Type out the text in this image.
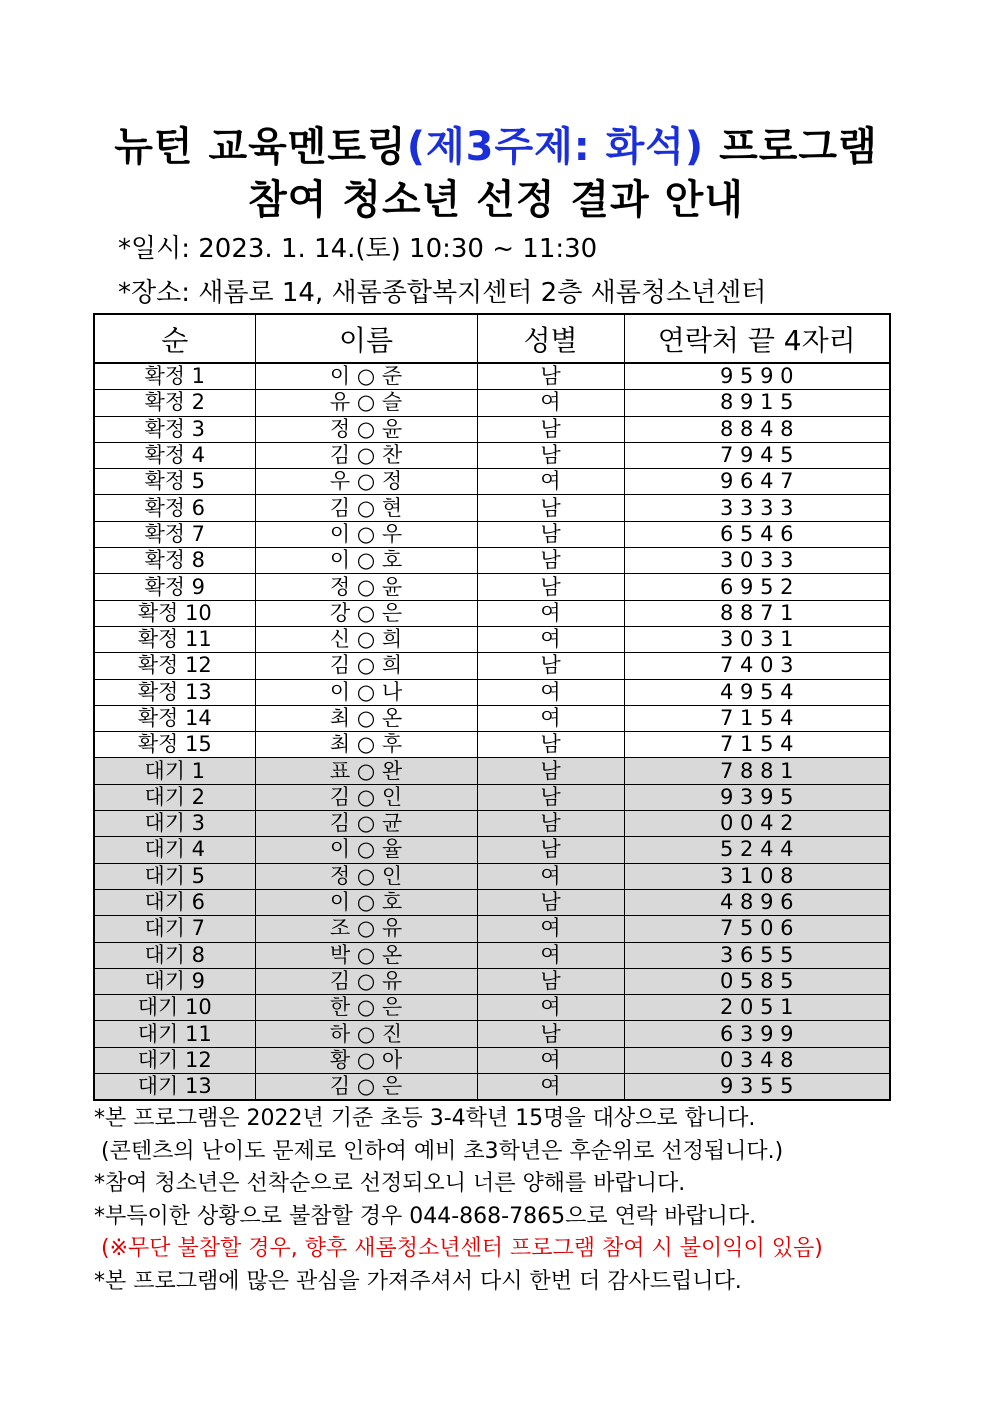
뉴턴 교육멘토링(제3주제: 화석) 프로그램
참여 청소년 선정 결과 안내
*일시: 2023. 1. 14.(토) 10:30 ~ 11:30
*장소: 새롬로 14, 새롬종합복지센터 2층 새롬청소년센터
순	이름	성별	연락처 끝 4자리
확정 1	이 ○ 준	남	9 5 9 0
확정 2	유 ○ 슬	여	8 9 1 5
확정 3	정 ○ 윤	남	8 8 4 8
확정 4	김 ○ 찬	남	7 9 4 5
확정 5	우 ○ 정	여	9 6 4 7
확정 6	김 ○ 현	남	3 3 3 3
확정 7	이 ○ 우	남	6 5 4 6
확정 8	이 ○ 호	남	3 0 3 3
확정 9	정 ○ 윤	남	6 9 5 2
확정 10	강 ○ 은	여	8 8 7 1
확정 11	신 ○ 희	여	3 0 3 1
확정 12	김 ○ 희	남	7 4 0 3
확정 13	이 ○ 나	여	4 9 5 4
확정 14	최 ○ 온	여	7 1 5 4
확정 15	최 ○ 후	남	7 1 5 4
대기 1	표 ○ 완	남	7 8 8 1
대기 2	김 ○ 인	남	9 3 9 5
대기 3	김 ○ 균	남	0 0 4 2
대기 4	이 ○ 율	남	5 2 4 4
대기 5	정 ○ 인	여	3 1 0 8
대기 6	이 ○ 호	남	4 8 9 6
대기 7	조 ○ 유	여	7 5 0 6
대기 8	박 ○ 온	여	3 6 5 5
대기 9	김 ○ 유	남	0 5 8 5
대기 10	한 ○ 은	여	2 0 5 1
대기 11	하 ○ 진	남	6 3 9 9
대기 12	황 ○ 아	여	0 3 4 8
대기 13	김 ○ 은	여	9 3 5 5
*본 프로그램은 2022년 기준 초등 3-4학년 15명을 대상으로 합니다.
(콘텐츠의 난이도 문제로 인하여 예비 초3학년은 후순위로 선정됩니다.)
*참여 청소년은 선착순으로 선정되오니 너른 양해를 바랍니다.
*부득이한 상황으로 불참할 경우 044-868-7865으로 연락 바랍니다.
(※무단 불참할 경우, 향후 새롬청소년센터 프로그램 참여 시 불이익이 있음)
*본 프로그램에 많은 관심을 가져주셔서 다시 한번 더 감사드립니다.
